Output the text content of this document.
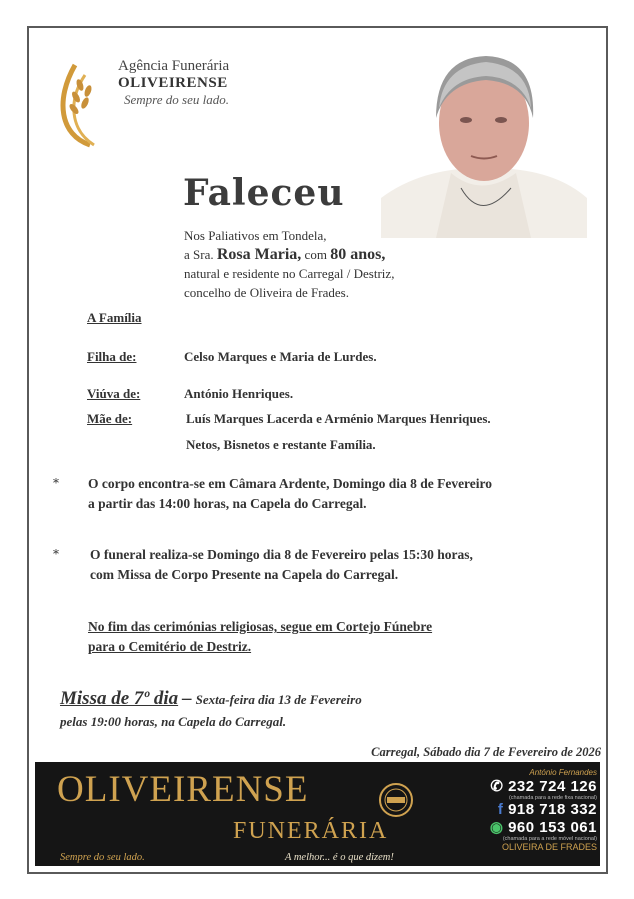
Agência Funerária
OLIVEIRENSE
Sempre do seu lado.
Faleceu
Nos Paliativos em Tondela,
a Sra. Rosa Maria, com 80 anos,
natural e residente no Carregal / Destriz,
concelho de Oliveira de Frades.
A Família
Filha de:	Celso Marques e Maria de Lurdes.
Viúva de:	António Henriques.
Mãe de:	Luís Marques Lacerda e Arménio Marques Henriques.
Netos, Bisnetos e restante Família.
* O corpo encontra-se em Câmara Ardente, Domingo dia 8 de Fevereiro
a partir das 14:00 horas, na Capela do Carregal.
* O funeral realiza-se Domingo dia 8 de Fevereiro pelas 15:30 horas,
com Missa de Corpo Presente na Capela do Carregal.
No fim das cerimónias religiosas, segue em Cortejo Fúnebre
para o Cemitério de Destriz.
Missa de 7º dia – Sexta-feira dia 13 de Fevereiro
pelas 19:00 horas, na Capela do Carregal.
Carregal, Sábado dia 7 de Fevereiro de 2026
OLIVEIRENSE
FUNERÁRIA
Sempre do seu lado.	A melhor... é o que dizem!
António Fernandes
✆ 232 724 126
(chamada para a rede fixa nacional)
f 918 718 332
◉ 960 153 061
(chamada para a rede móvel nacional)
OLIVEIRA DE FRADES
